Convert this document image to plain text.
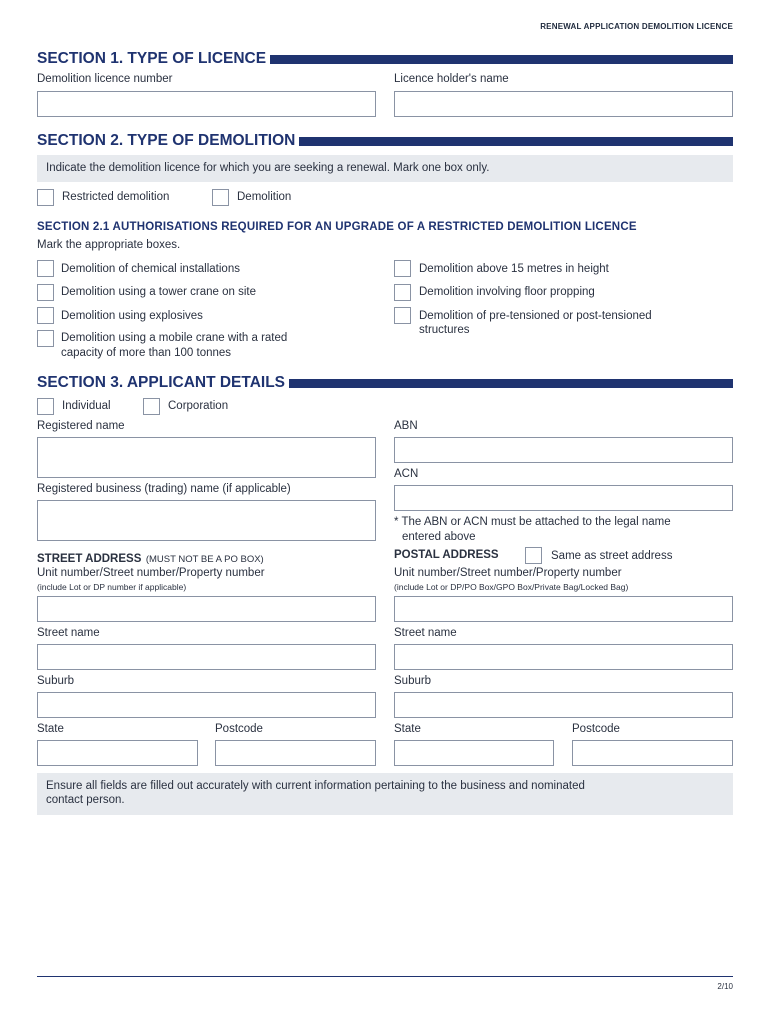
RENEWAL APPLICATION DEMOLITION LICENCE
SECTION 1. TYPE OF LICENCE
Demolition licence number	Licence holder's name
SECTION 2. TYPE OF DEMOLITION
Indicate the demolition licence for which you are seeking a renewal. Mark one box only.
Restricted demolition	Demolition
SECTION 2.1 AUTHORISATIONS REQUIRED FOR AN UPGRADE OF A RESTRICTED DEMOLITION LICENCE
Mark the appropriate boxes.
Demolition of chemical installations
Demolition using a tower crane on site
Demolition using explosives
Demolition using a mobile crane with a rated
capacity of more than 100 tonnes
Demolition above 15 metres in height
Demolition involving floor propping
Demolition of pre-tensioned or post-tensioned
structures
SECTION 3. APPLICANT DETAILS
Individual	Corporation
Registered name
Registered business (trading) name (if applicable)
ABN
ACN
* The ABN or ACN must be attached to the legal name
entered above
STREET ADDRESS (MUST NOT BE A PO BOX)
Unit number/Street number/Property number
(include Lot or DP number if applicable)
Street name
Suburb
State	Postcode
POSTAL ADDRESS	Same as street address
Unit number/Street number/Property number
(include Lot or DP/PO Box/GPO Box/Private Bag/Locked Bag)
Street name
Suburb
State	Postcode
Ensure all fields are filled out accurately with current information pertaining to the business and nominated
contact person.
2/10
